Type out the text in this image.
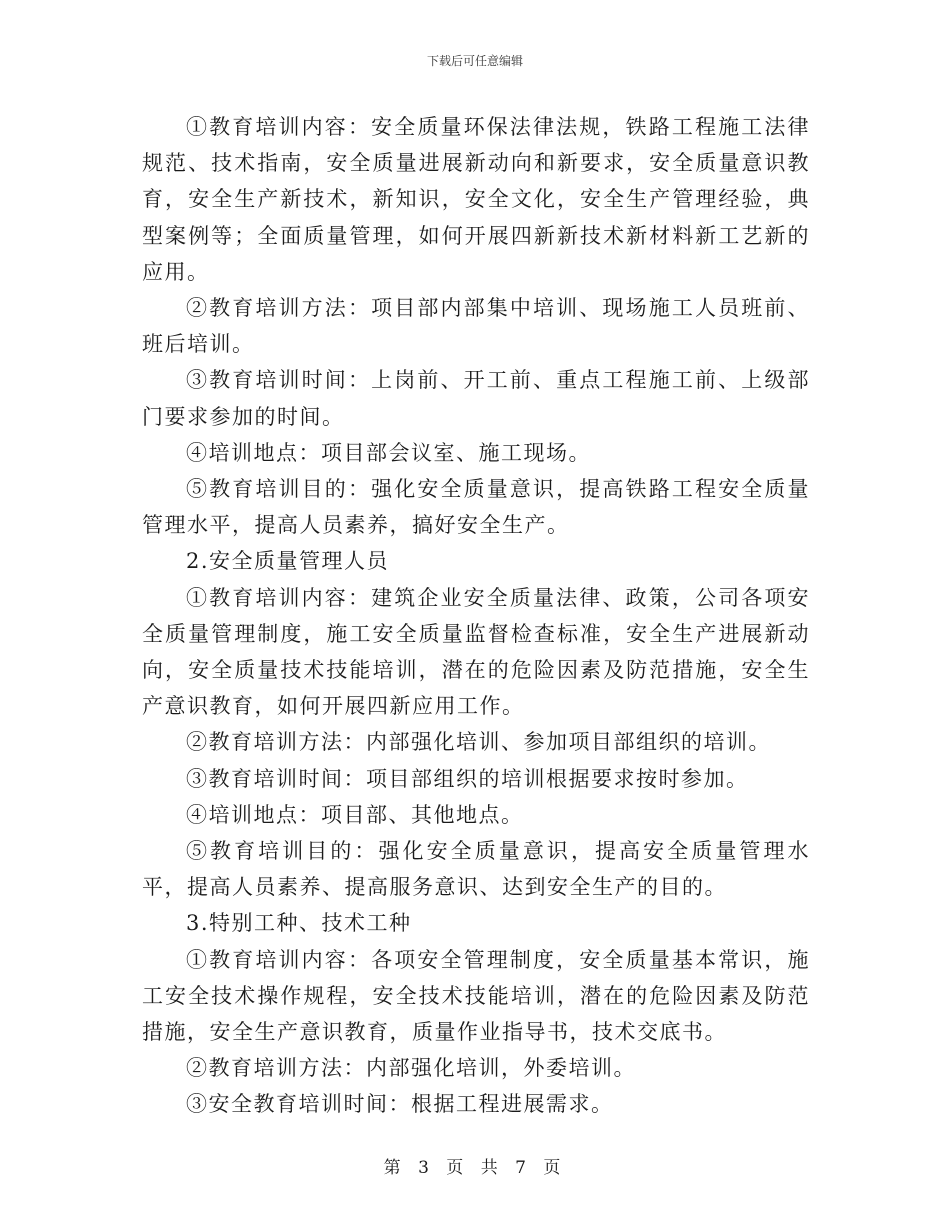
下载后可任意编辑

①教育培训内容：安全质量环保法律法规，铁路工程施工法律规范、技术指南，安全质量进展新动向和新要求，安全质量意识教育，安全生产新技术，新知识，安全文化，安全生产管理经验，典型案例等；全面质量管理，如何开展四新新技术新材料新工艺新的应用。

②教育培训方法：项目部内部集中培训、现场施工人员班前、班后培训。

③教育培训时间：上岗前、开工前、重点工程施工前、上级部门要求参加的时间。

④培训地点：项目部会议室、施工现场。

⑤教育培训目的：强化安全质量意识，提高铁路工程安全质量管理水平，提高人员素养，搞好安全生产。

2.安全质量管理人员

①教育培训内容：建筑企业安全质量法律、政策，公司各项安全质量管理制度，施工安全质量监督检查标准，安全生产进展新动向，安全质量技术技能培训，潜在的危险因素及防范措施，安全生产意识教育，如何开展四新应用工作。

②教育培训方法：内部强化培训、参加项目部组织的培训。

③教育培训时间：项目部组织的培训根据要求按时参加。

④培训地点：项目部、其他地点。

⑤教育培训目的：强化安全质量意识，提高安全质量管理水平，提高人员素养、提高服务意识、达到安全生产的目的。

3.特别工种、技术工种

①教育培训内容：各项安全管理制度，安全质量基本常识，施工安全技术操作规程，安全技术技能培训，潜在的危险因素及防范措施，安全生产意识教育，质量作业指导书，技术交底书。

②教育培训方法：内部强化培训，外委培训。

③安全教育培训时间：根据工程进展需求。

第 3 页 共 7 页
